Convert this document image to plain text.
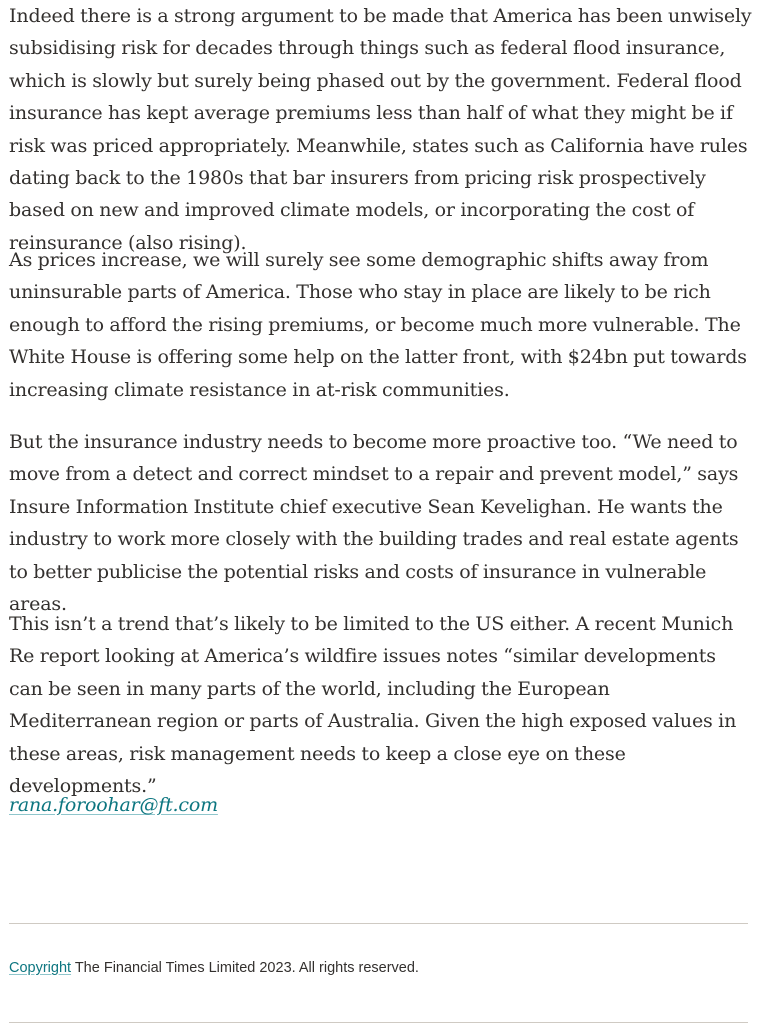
Indeed there is a strong argument to be made that America has been unwisely subsidising risk for decades through things such as federal flood insurance, which is slowly but surely being phased out by the government. Federal flood insurance has kept average premiums less than half of what they might be if risk was priced appropriately. Meanwhile, states such as California have rules dating back to the 1980s that bar insurers from pricing risk prospectively based on new and improved climate models, or incorporating the cost of reinsurance (also rising).

As prices increase, we will surely see some demographic shifts away from uninsurable parts of America. Those who stay in place are likely to be rich enough to afford the rising premiums, or become much more vulnerable. The White House is offering some help on the latter front, with $24bn put towards increasing climate resistance in at-risk communities.

But the insurance industry needs to become more proactive too. “We need to move from a detect and correct mindset to a repair and prevent model,” says Insure Information Institute chief executive Sean Kevelighan. He wants the industry to work more closely with the building trades and real estate agents to better publicise the potential risks and costs of insurance in vulnerable areas.

This isn’t a trend that’s likely to be limited to the US either. A recent Munich Re report looking at America’s wildfire issues notes “similar developments can be seen in many parts of the world, including the European Mediterranean region or parts of Australia. Given the high exposed values in these areas, risk management needs to keep a close eye on these developments.”

rana.foroohar@ft.com
Copyright The Financial Times Limited 2023. All rights reserved.
